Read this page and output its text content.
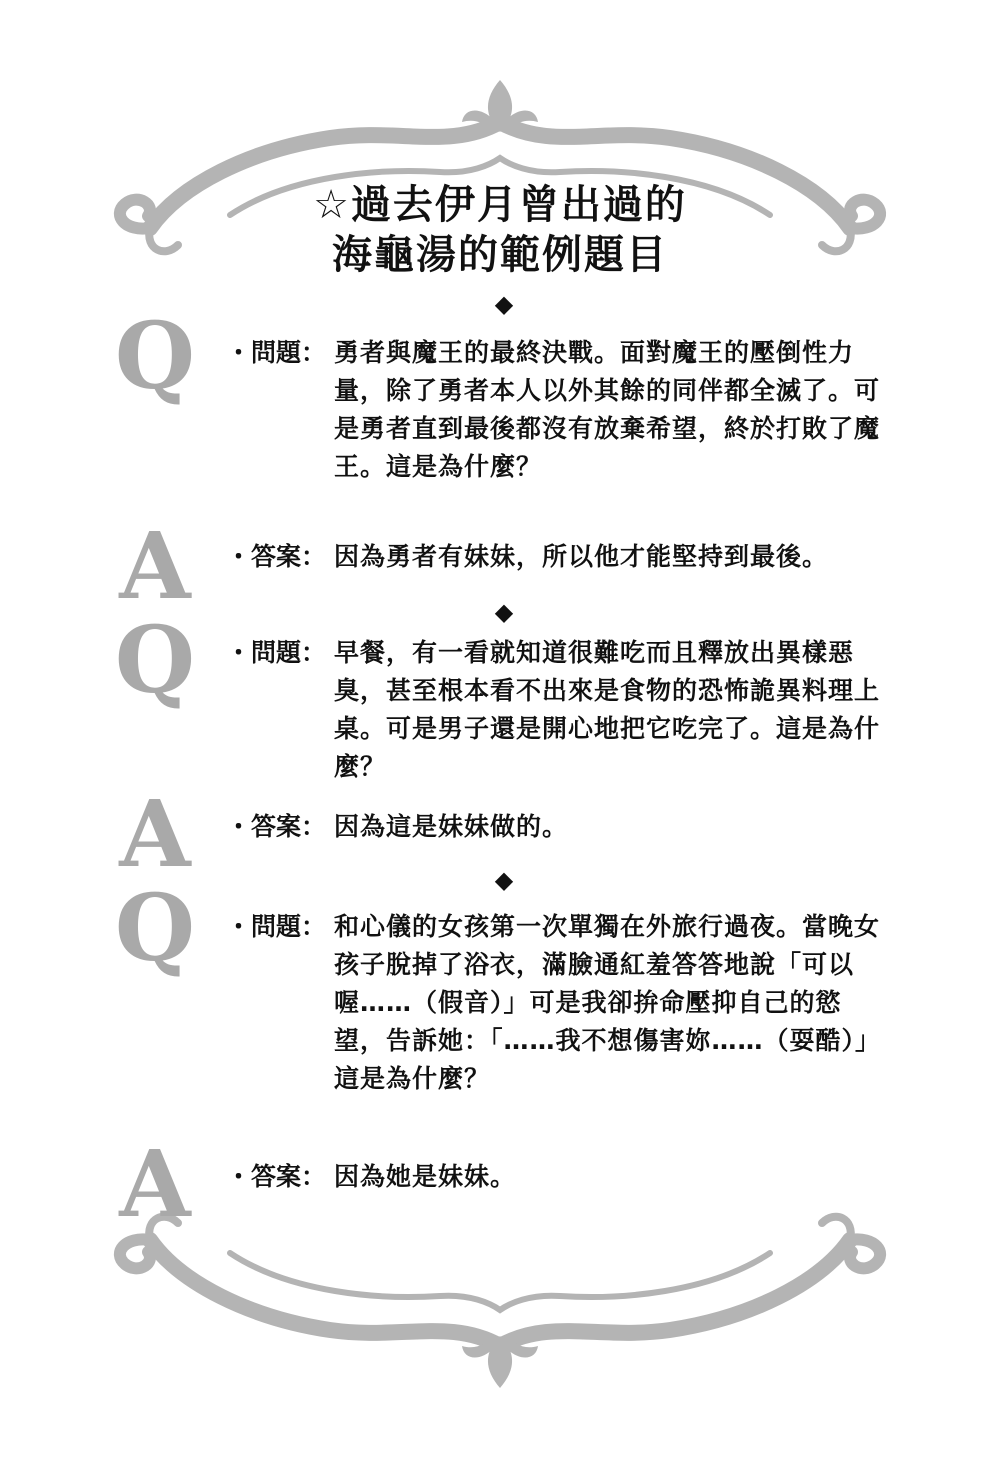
☆過去伊月曾出過的
海龜湯的範例題目
◆
Q ・問題： 勇者與魔王的最終決戰。面對魔王的壓倒性力量，除了勇者本人以外其餘的同伴都全滅了。可是勇者直到最後都沒有放棄希望，終於打敗了魔王。這是為什麼？
A ・答案： 因為勇者有妹妹，所以他才能堅持到最後。
◆
Q ・問題： 早餐，有一看就知道很難吃而且釋放出異樣惡臭，甚至根本看不出來是食物的恐怖詭異料理上桌。可是男子還是開心地把它吃完了。這是為什麼？
A ・答案： 因為這是妹妹做的。
◆
Q ・問題： 和心儀的女孩第一次單獨在外旅行過夜。當晚女孩子脫掉了浴衣，滿臉通紅羞答答地說「可以喔……（假音）」可是我卻拚命壓抑自己的慾望，告訴她：「……我不想傷害妳……（耍酷）」這是為什麼？
A ・答案： 因為她是妹妹。
